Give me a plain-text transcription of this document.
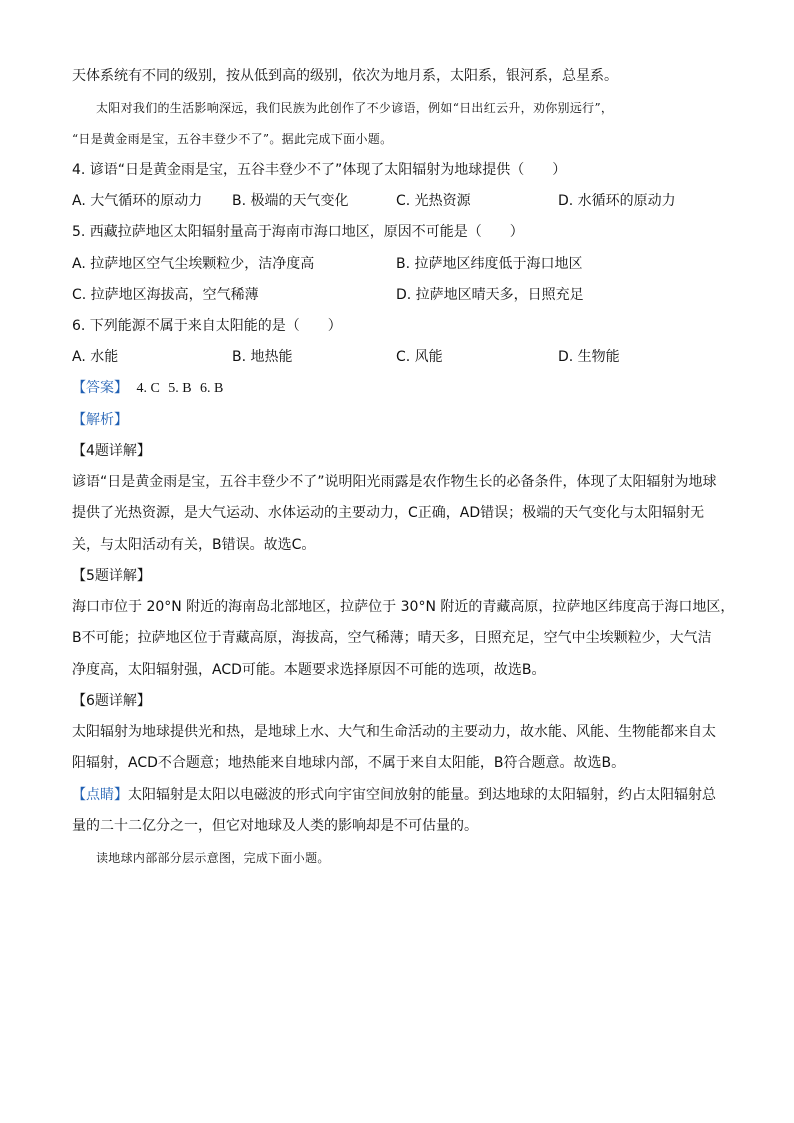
天体系统有不同的级别，按从低到高的级别，依次为地月系，太阳系，银河系，总星系。
太阳对我们的生活影响深远，我们民族为此创作了不少谚语，例如“日出红云升，劝你别远行”，
“日是黄金雨是宝，五谷丰登少不了”。据此完成下面小题。
4. 谚语“日是黄金雨是宝，五谷丰登少不了”体现了太阳辐射为地球提供（　　）
A. 大气循环的原动力 B. 极端的天气变化	C. 光热资源	D. 水循环的原动力
5. 西藏拉萨地区太阳辐射量高于海南市海口地区，原因不可能是（　　）
A. 拉萨地区空气尘埃颗粒少，洁净度高	B. 拉萨地区纬度低于海口地区
C. 拉萨地区海拔高，空气稀薄	D. 拉萨地区晴天多，日照充足
6. 下列能源不属于来自太阳能的是（　　）
A. 水能	B. 地热能	C. 风能	D. 生物能
【答案】 4. C 5. B 6. B
【解析】
【4题详解】
谚语“日是黄金雨是宝，五谷丰登少不了”说明阳光雨露是农作物生长的必备条件，体现了太阳辐射为地球
提供了光热资源，是大气运动、水体运动的主要动力，C正确，AD错误；极端的天气变化与太阳辐射无
关，与太阳活动有关，B错误。故选C。
【5题详解】
海口市位于 20°N 附近的海南岛北部地区，拉萨位于 30°N 附近的青藏高原，拉萨地区纬度高于海口地区，
B不可能；拉萨地区位于青藏高原，海拔高，空气稀薄；晴天多，日照充足，空气中尘埃颗粒少，大气洁
净度高，太阳辐射强，ACD可能。本题要求选择原因不可能的选项，故选B。
【6题详解】
太阳辐射为地球提供光和热，是地球上水、大气和生命活动的主要动力，故水能、风能、生物能都来自太
阳辐射，ACD不合题意；地热能来自地球内部，不属于来自太阳能，B符合题意。故选B。
【点睛】太阳辐射是太阳以电磁波的形式向宇宙空间放射的能量。到达地球的太阳辐射，约占太阳辐射总
量的二十二亿分之一，但它对地球及人类的影响却是不可估量的。
读地球内部部分层示意图，完成下面小题。
